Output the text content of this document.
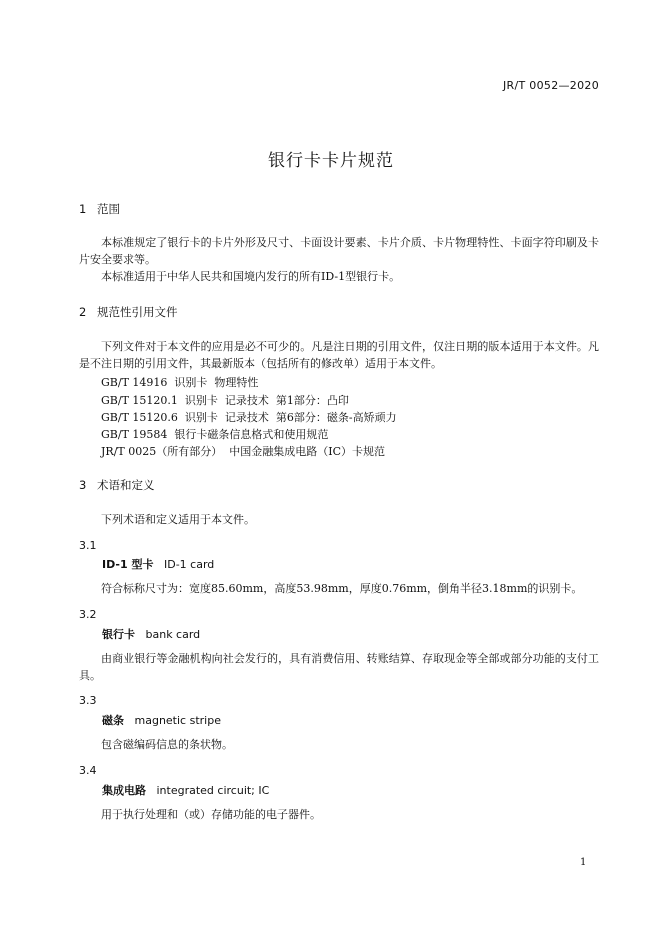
JR/T 0052—2020
银行卡卡片规范
1 范围
本标准规定了银行卡的卡片外形及尺寸、卡面设计要素、卡片介质、卡片物理特性、卡面字符印刷及卡片安全要求等。
本标准适用于中华人民共和国境内发行的所有ID-1型银行卡。
2 规范性引用文件
下列文件对于本文件的应用是必不可少的。凡是注日期的引用文件，仅注日期的版本适用于本文件。凡是不注日期的引用文件，其最新版本（包括所有的修改单）适用于本文件。
GB/T 14916  识别卡  物理特性
GB/T 15120.1  识别卡  记录技术  第1部分：凸印
GB/T 15120.6  识别卡  记录技术  第6部分：磁条-高矫顽力
GB/T 19584  银行卡磁条信息格式和使用规范
JR/T 0025（所有部分）  中国金融集成电路（IC）卡规范
3 术语和定义
下列术语和定义适用于本文件。
3.1
ID-1 型卡 ID-1 card
符合标称尺寸为：宽度85.60mm，高度53.98mm，厚度0.76mm，倒角半径3.18mm的识别卡。
3.2
银行卡 bank card
由商业银行等金融机构向社会发行的，具有消费信用、转账结算、存取现金等全部或部分功能的支付工具。
3.3
磁条 magnetic stripe
包含磁编码信息的条状物。
3.4
集成电路 integrated circuit; IC
用于执行处理和（或）存储功能的电子器件。
1
